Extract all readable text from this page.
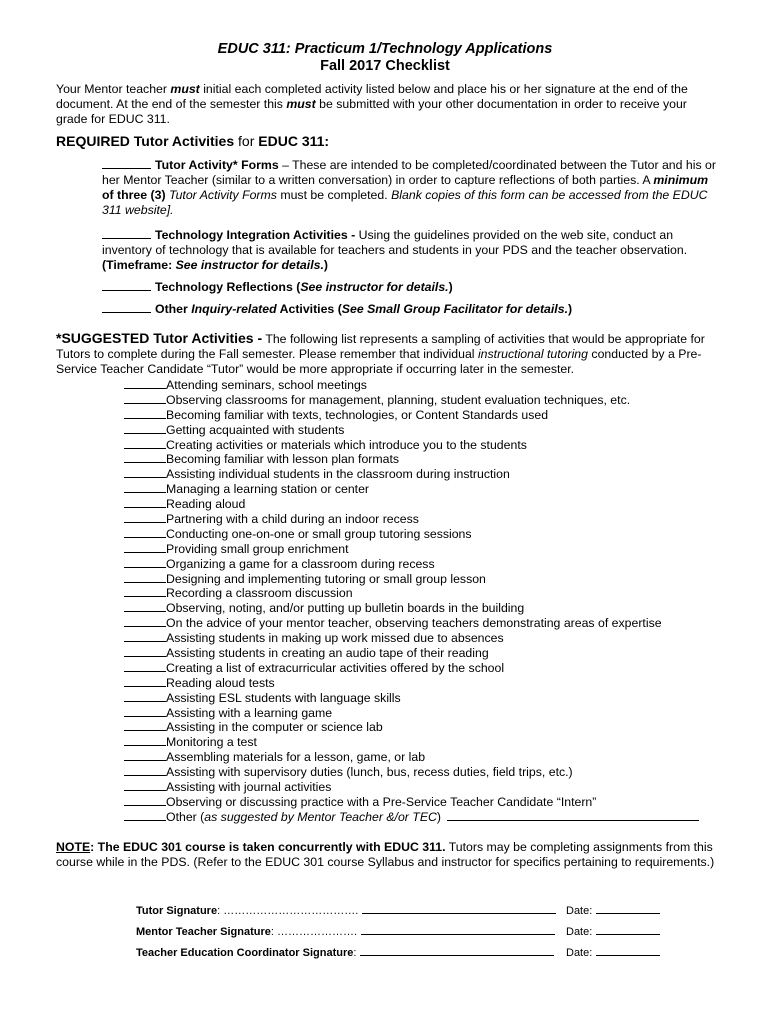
EDUC 311: Practicum 1/Technology Applications
Fall 2017 Checklist
Your Mentor teacher must initial each completed activity listed below and place his or her signature at the end of the document. At the end of the semester this must be submitted with your other documentation in order to receive your grade for EDUC 311.
REQUIRED Tutor Activities for EDUC 311:
Tutor Activity* Forms – These are intended to be completed/coordinated between the Tutor and his or her Mentor Teacher (similar to a written conversation) in order to capture reflections of both parties. A minimum of three (3) Tutor Activity Forms must be completed. Blank copies of this form can be accessed from the EDUC 311 website].
Technology Integration Activities - Using the guidelines provided on the web site, conduct an inventory of technology that is available for teachers and students in your PDS and the teacher observation. (Timeframe: See instructor for details.)
Technology Reflections (See instructor for details.)
Other Inquiry-related Activities (See Small Group Facilitator for details.)
*SUGGESTED Tutor Activities - The following list represents a sampling of activities that would be appropriate for Tutors to complete during the Fall semester. Please remember that individual instructional tutoring conducted by a Pre-Service Teacher Candidate “Tutor” would be more appropriate if occurring later in the semester.
Attending seminars, school meetings
Observing classrooms for management, planning, student evaluation techniques, etc.
Becoming familiar with texts, technologies, or Content Standards used
Getting acquainted with students
Creating activities or materials which introduce you to the students
Becoming familiar with lesson plan formats
Assisting individual students in the classroom during instruction
Managing a learning station or center
Reading aloud
Partnering with a child during an indoor recess
Conducting one-on-one or small group tutoring sessions
Providing small group enrichment
Organizing a game for a classroom during recess
Designing and implementing tutoring or small group lesson
Recording a classroom discussion
Observing, noting, and/or putting up bulletin boards in the building
On the advice of your mentor teacher, observing teachers demonstrating areas of expertise
Assisting students in making up work missed due to absences
Assisting students in creating an audio tape of their reading
Creating a list of extracurricular activities offered by the school
Reading aloud tests
Assisting ESL students with language skills
Assisting with a learning game
Assisting in the computer or science lab
Monitoring a test
Assembling materials for a lesson, game, or lab
Assisting with supervisory duties (lunch, bus, recess duties, field trips, etc.)
Assisting with journal activities
Observing or discussing practice with a Pre-Service Teacher Candidate “Intern”
Other (as suggested by Mentor Teacher &/or TEC)
NOTE: The EDUC 301 course is taken concurrently with EDUC 311. Tutors may be completing assignments from this course while in the PDS. (Refer to the EDUC 301 course Syllabus and instructor for specifics pertaining to requirements.)
Tutor Signature: ……………………………….	Date:
Mentor Teacher Signature: ………………….	Date:
Teacher Education Coordinator Signature:	Date:
